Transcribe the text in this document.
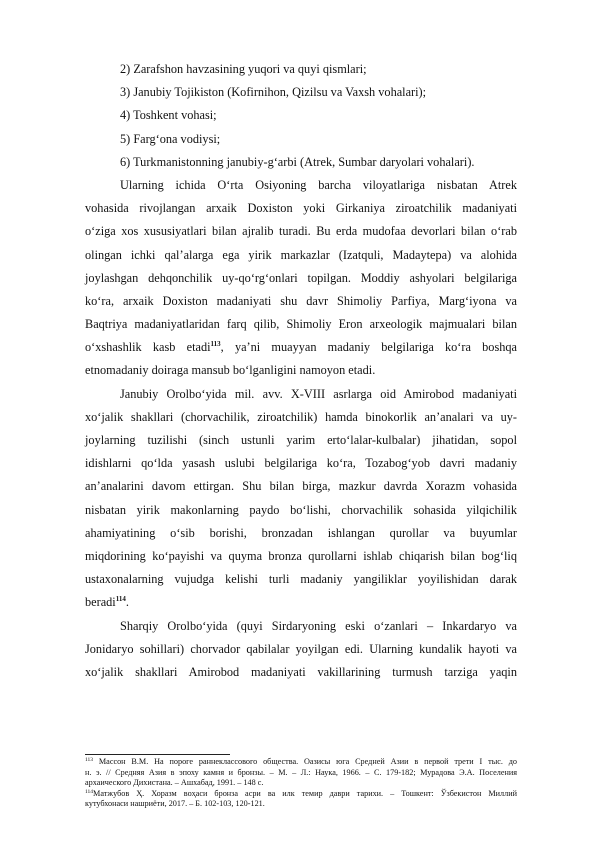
2) Zarafshon havzasining yuqori va quyi qismlari;
3) Janubiy Tojikiston (Kofirnihon, Qizilsu va Vaxsh vohalari);
4) Toshkent vohasi;
5) Farg‘ona vodiysi;
6) Turkmanistonning janubiy-g‘arbi (Atrek, Sumbar daryolari vohalari).
Ularning ichida O‘rta Osiyoning barcha viloyatlariga nisbatan Atrek
vohasida rivojlangan arxaik Doxiston yoki Girkaniya ziroatchilik madaniyati
o‘ziga xos xususiyatlari bilan ajralib turadi. Bu erda mudofaa devorlari bilan o‘rab
olingan ichki qal’alarga ega yirik markazlar (Izatquli, Madaytepa) va alohida
joylashgan dehqonchilik uy-qo‘rg‘onlari topilgan. Moddiy ashyolari belgilariga
ko‘ra, arxaik Doxiston madaniyati shu davr Shimoliy Parfiya, Marg‘iyona va
Baqtriya madaniyatlaridan farq qilib, Shimoliy Eron arxeologik majmualari bilan
o‘xshashlik kasb etadi$^{113}$, ya’ni muayyan madaniy belgilariga ko‘ra boshqa
etnomadaniy doiraga mansub bo‘lganligini namoyon etadi.
Janubiy Orolbo‘yida mil. avv. X-VIII asrlarga oid Amirobod madaniyati
xo‘jalik shakllari (chorvachilik, ziroatchilik) hamda binokorlik an’analari va uy-
joylarning tuzilishi (sinch ustunli yarim erto‘lalar-kulbalar) jihatidan, sopol
idishlarni qo‘lda yasash uslubi belgilariga ko‘ra, Tozabog‘yob davri madaniy
an’analarini davom ettirgan. Shu bilan birga, mazkur davrda Xorazm vohasida
nisbatan yirik makonlarning paydo bo‘lishi, chorvachilik sohasida yilqichilik
ahamiyatining o‘sib borishi, bronzadan ishlangan qurollar va buyumlar
miqdorining ko‘payishi va quyma bronza qurollarni ishlab chiqarish bilan bog‘liq
ustaxonalarning vujudga kelishi turli madaniy yangiliklar yoyilishidan darak
beradi$^{114}$.
Sharqiy Orolbo‘yida (quyi Sirdaryoning eski o‘zanlari – Inkardaryo va
Jonidaryo sohillari) chorvador qabilalar yoyilgan edi. Ularning kundalik hayoti va
xo‘jalik shakllari Amirobod madaniyati vakillarining turmush tarziga yaqin
$^{113}$ Массон В.М. На пороге раннеклассового общества. Оазисы юга Средней Азии в первой трети I тыс. до
н. э. // Средняя Азия в эпоху камня и бронзы. – М. – Л.: Наука, 1966. – С. 179-182; Мурадова Э.А. Поселения
архаического Дихистана. – Ашхабад, 1991. – 148 с.
$^{114}$Матжубов Ҳ. Хоразм воҳаси бронза асри ва илк темир даври тарихи. – Тошкент: Ўзбекистон Миллий
кутубхонаси нашриёти, 2017. – Б. 102-103, 120-121.
